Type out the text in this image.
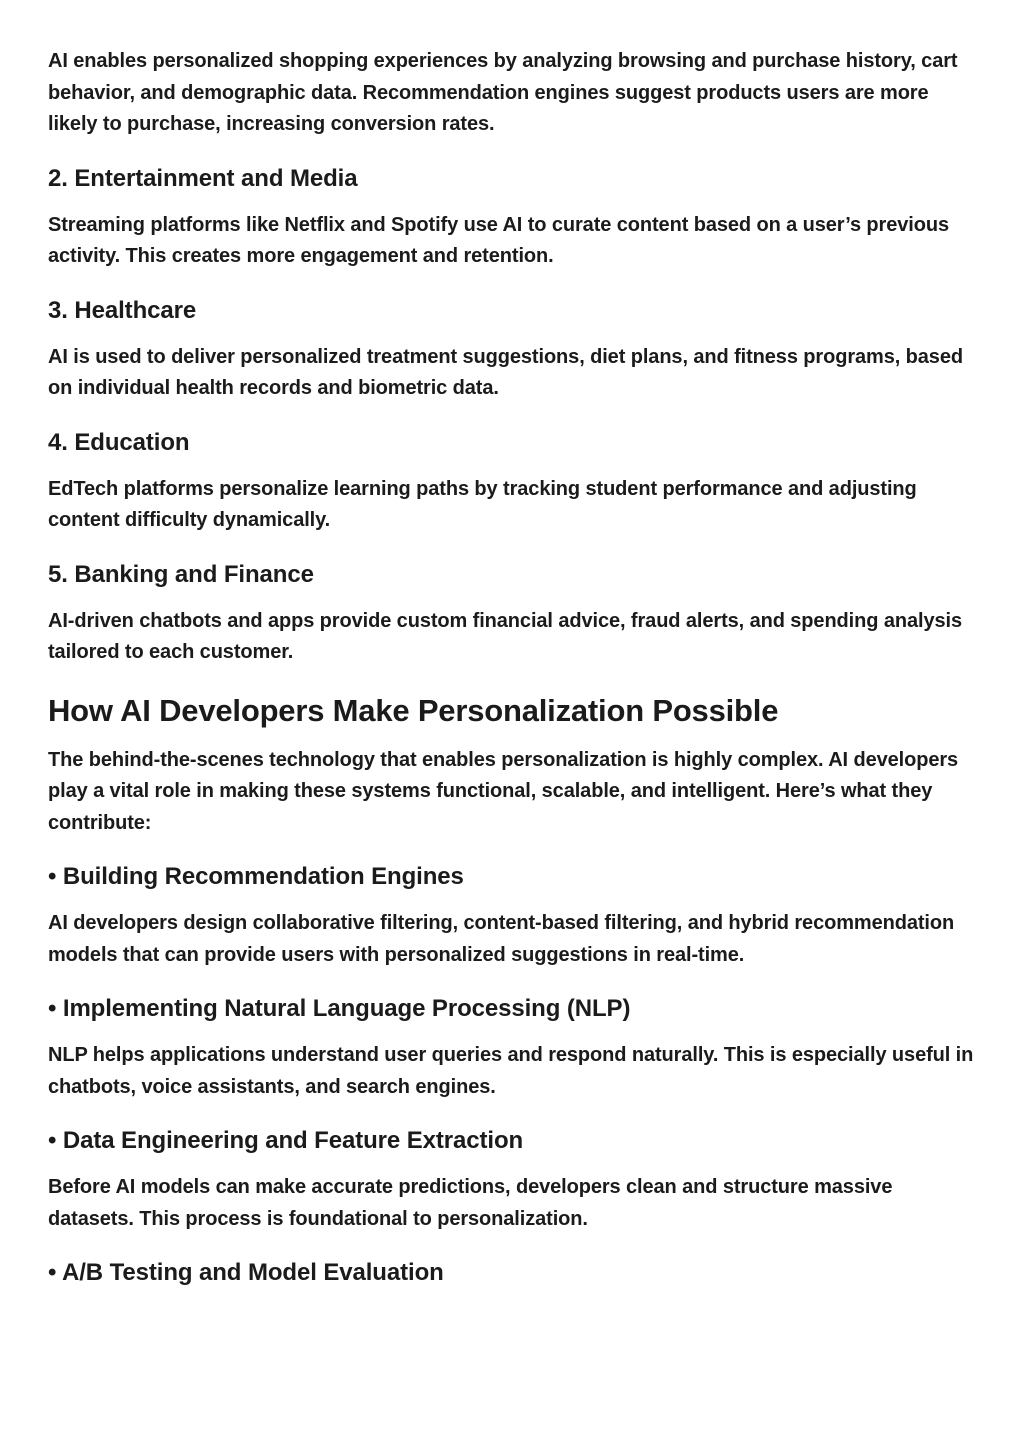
AI enables personalized shopping experiences by analyzing browsing and purchase history, cart behavior, and demographic data. Recommendation engines suggest products users are more likely to purchase, increasing conversion rates.

2. Entertainment and Media

Streaming platforms like Netflix and Spotify use AI to curate content based on a user’s previous activity. This creates more engagement and retention.

3. Healthcare

AI is used to deliver personalized treatment suggestions, diet plans, and fitness programs, based on individual health records and biometric data.

4. Education

EdTech platforms personalize learning paths by tracking student performance and adjusting content difficulty dynamically.

5. Banking and Finance

AI-driven chatbots and apps provide custom financial advice, fraud alerts, and spending analysis tailored to each customer.

How AI Developers Make Personalization Possible

The behind-the-scenes technology that enables personalization is highly complex. AI developers play a vital role in making these systems functional, scalable, and intelligent. Here’s what they contribute:

• Building Recommendation Engines

AI developers design collaborative filtering, content-based filtering, and hybrid recommendation models that can provide users with personalized suggestions in real-time.

• Implementing Natural Language Processing (NLP)

NLP helps applications understand user queries and respond naturally. This is especially useful in chatbots, voice assistants, and search engines.

• Data Engineering and Feature Extraction

Before AI models can make accurate predictions, developers clean and structure massive datasets. This process is foundational to personalization.

• A/B Testing and Model Evaluation
